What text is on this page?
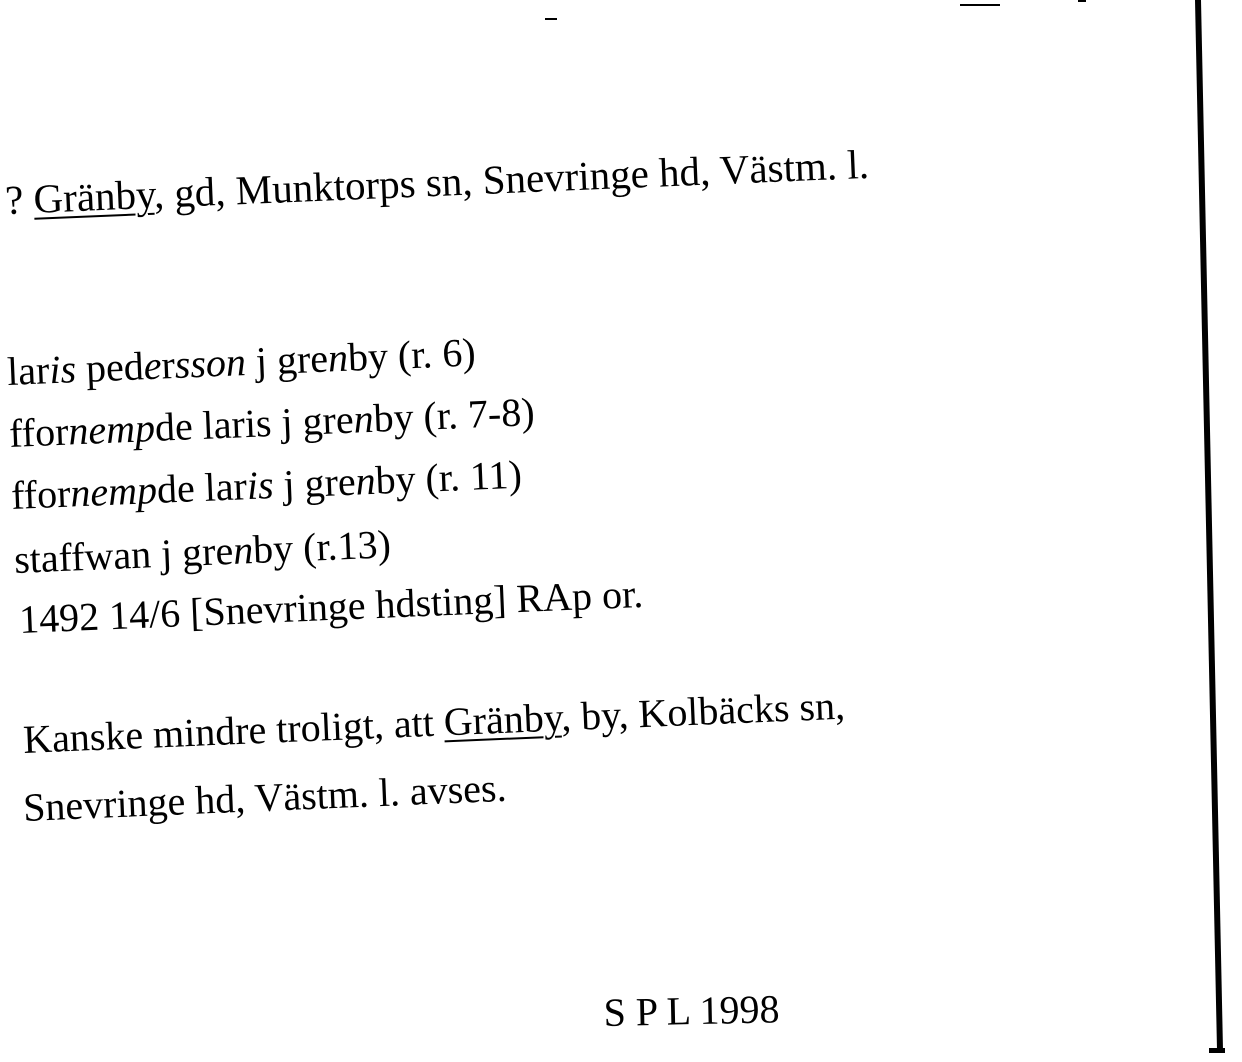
? Gränby, gd, Munktorps sn, Snevringe hd, Västm. l.
laris pedersson j grenby (r. 6)
ffornempde laris j grenby (r. 7-8)
ffornempde laris j grenby (r. 11)
staffwan j grenby (r.13)
1492 14/6 [Snevringe hdsting] RAp or.
Kanske mindre troligt, att Gränby, by, Kolbäcks sn,
Snevringe hd, Västm. l. avses.
S P L 1998
